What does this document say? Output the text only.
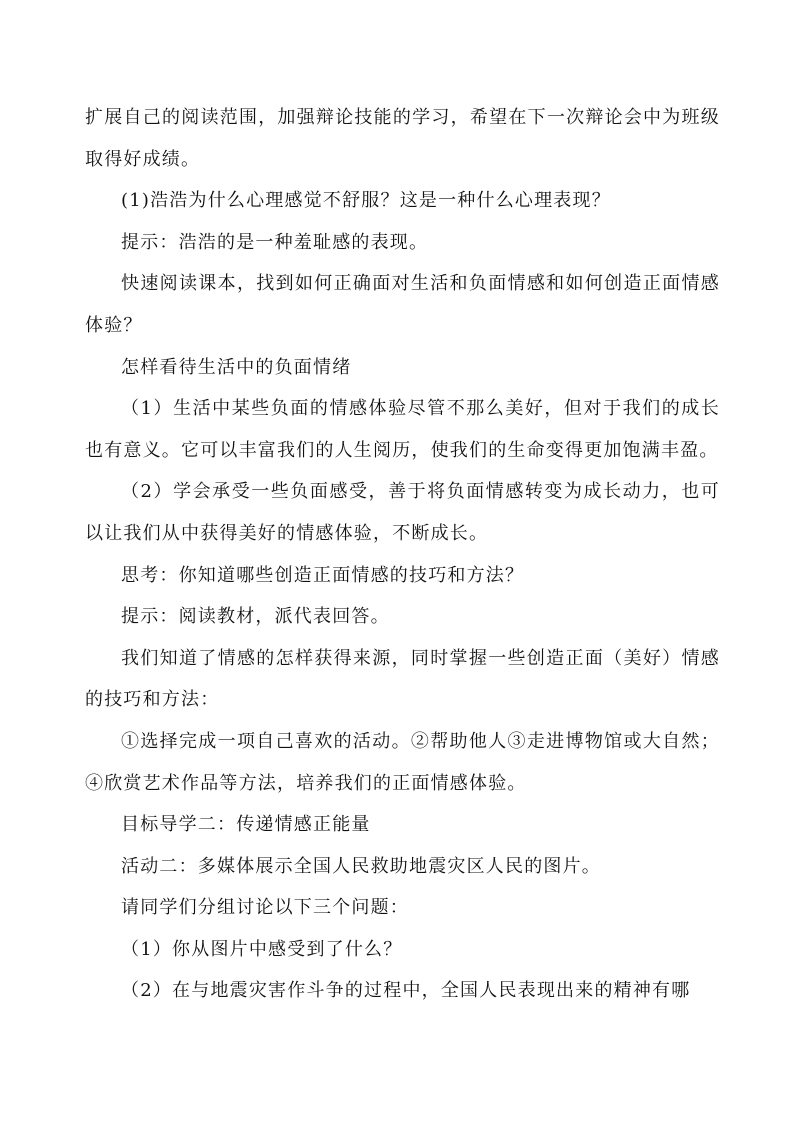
扩展自己的阅读范围，加强辩论技能的学习，希望在下一次辩论会中为班级取得好成绩。

(1)浩浩为什么心理感觉不舒服？这是一种什么心理表现？

提示：浩浩的是一种羞耻感的表现。

快速阅读课本，找到如何正确面对生活和负面情感和如何创造正面情感体验？

怎样看待生活中的负面情绪

（1）生活中某些负面的情感体验尽管不那么美好，但对于我们的成长也有意义。它可以丰富我们的人生阅历，使我们的生命变得更加饱满丰盈。

（2）学会承受一些负面感受，善于将负面情感转变为成长动力，也可以让我们从中获得美好的情感体验，不断成长。

思考：你知道哪些创造正面情感的技巧和方法？

提示：阅读教材，派代表回答。

我们知道了情感的怎样获得来源，同时掌握一些创造正面（美好）情感的技巧和方法：

①选择完成一项自己喜欢的活动。②帮助他人③走进博物馆或大自然；④欣赏艺术作品等方法，培养我们的正面情感体验。

目标导学二：传递情感正能量

活动二：多媒体展示全国人民救助地震灾区人民的图片。

请同学们分组讨论以下三个问题：

（1）你从图片中感受到了什么？

（2）在与地震灾害作斗争的过程中，全国人民表现出来的精神有哪
